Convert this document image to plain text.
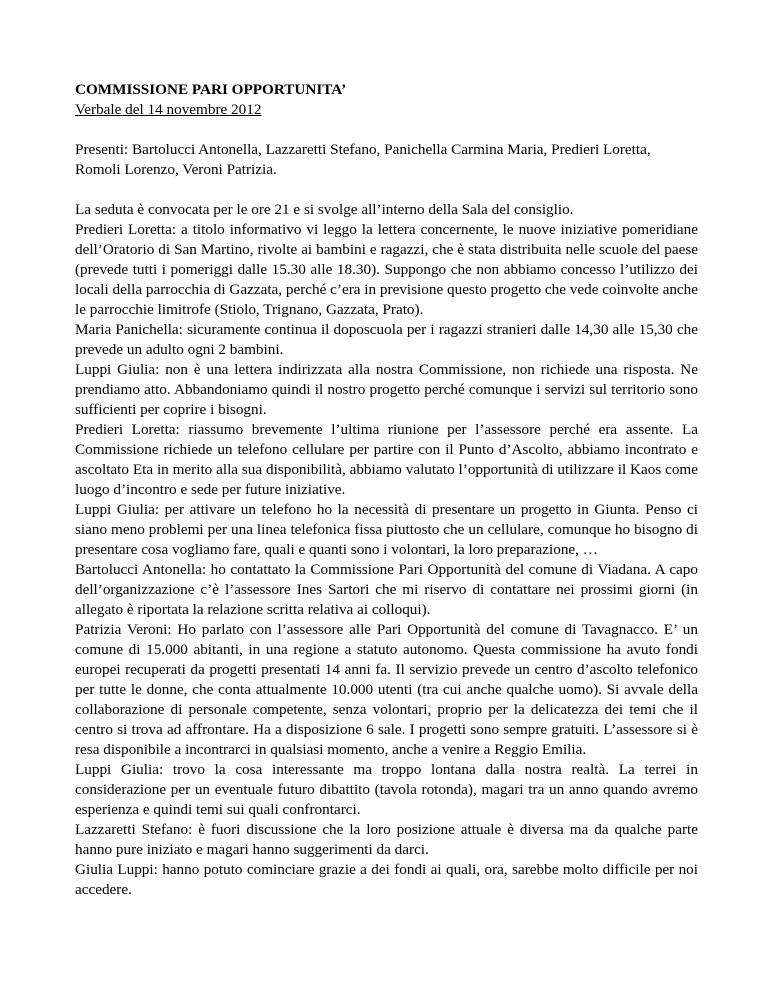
COMMISSIONE PARI OPPORTUNITA’
Verbale del 14 novembre 2012
Presenti: Bartolucci Antonella, Lazzaretti Stefano, Panichella Carmina Maria, Predieri Loretta, Romoli Lorenzo, Veroni Patrizia.

La seduta è convocata per le ore 21 e si svolge all’interno della Sala del consiglio.

Predieri Loretta: a titolo informativo vi leggo la lettera concernente, le nuove iniziative pomeridiane dell’Oratorio di San Martino, rivolte ai bambini e ragazzi, che è stata distribuita nelle scuole del paese (prevede tutti i pomeriggi dalle 15.30 alle 18.30). Suppongo che non abbiamo concesso l’utilizzo dei locali della parrocchia di Gazzata, perché c’era in previsione questo progetto che vede coinvolte anche le parrocchie limitrofe (Stiolo, Trignano, Gazzata, Prato).

Maria Panichella: sicuramente continua il doposcuola per i ragazzi stranieri dalle 14,30 alle 15,30 che prevede un adulto ogni 2 bambini.

Luppi Giulia: non è una lettera indirizzata alla nostra Commissione, non richiede una risposta. Ne prendiamo atto. Abbandoniamo quindi il nostro progetto perché comunque i servizi sul territorio sono sufficienti per coprire i bisogni.

Predieri Loretta: riassumo brevemente l’ultima riunione per l’assessore perché era assente. La Commissione richiede un telefono cellulare per partire con il Punto d’Ascolto, abbiamo incontrato e ascoltato Eta in merito alla sua disponibilità, abbiamo valutato l’opportunità di utilizzare il Kaos come luogo d’incontro e sede per future iniziative.

Luppi Giulia: per attivare un telefono ho la necessità di presentare un progetto in Giunta. Penso ci siano meno problemi per una linea telefonica fissa piuttosto che un cellulare, comunque ho bisogno di presentare cosa vogliamo fare, quali e quanti sono i volontari, la loro preparazione, …

Bartolucci Antonella: ho contattato la Commissione Pari Opportunità del comune di Viadana. A capo dell’organizzazione c’è l’assessore Ines Sartori che mi riservo di contattare nei prossimi giorni (in allegato è riportata la relazione scritta relativa ai colloqui).

Patrizia Veroni: Ho parlato con l’assessore alle Pari Opportunità del comune di Tavagnacco. E’ un comune di 15.000 abitanti, in una regione a statuto autonomo. Questa commissione ha avuto fondi europei recuperati da progetti presentati 14 anni fa. Il servizio prevede un centro d’ascolto telefonico per tutte le donne, che conta attualmente 10.000 utenti (tra cui anche qualche uomo). Si avvale della collaborazione di personale competente, senza volontari, proprio per la delicatezza dei temi che il centro si trova ad affrontare. Ha a disposizione 6 sale. I progetti sono sempre gratuiti. L’assessore si è resa disponibile a incontrarci in qualsiasi momento, anche a venire a Reggio Emilia.

Luppi Giulia: trovo la cosa interessante ma troppo lontana dalla nostra realtà. La terrei in considerazione per un eventuale futuro dibattito (tavola rotonda), magari tra un anno quando avremo esperienza e quindi temi sui quali confrontarci.

Lazzaretti Stefano: è fuori discussione che la loro posizione attuale è diversa ma da qualche parte hanno pure iniziato e magari hanno suggerimenti da darci.

Giulia Luppi: hanno potuto cominciare grazie a dei fondi ai quali, ora, sarebbe molto difficile per noi accedere.
